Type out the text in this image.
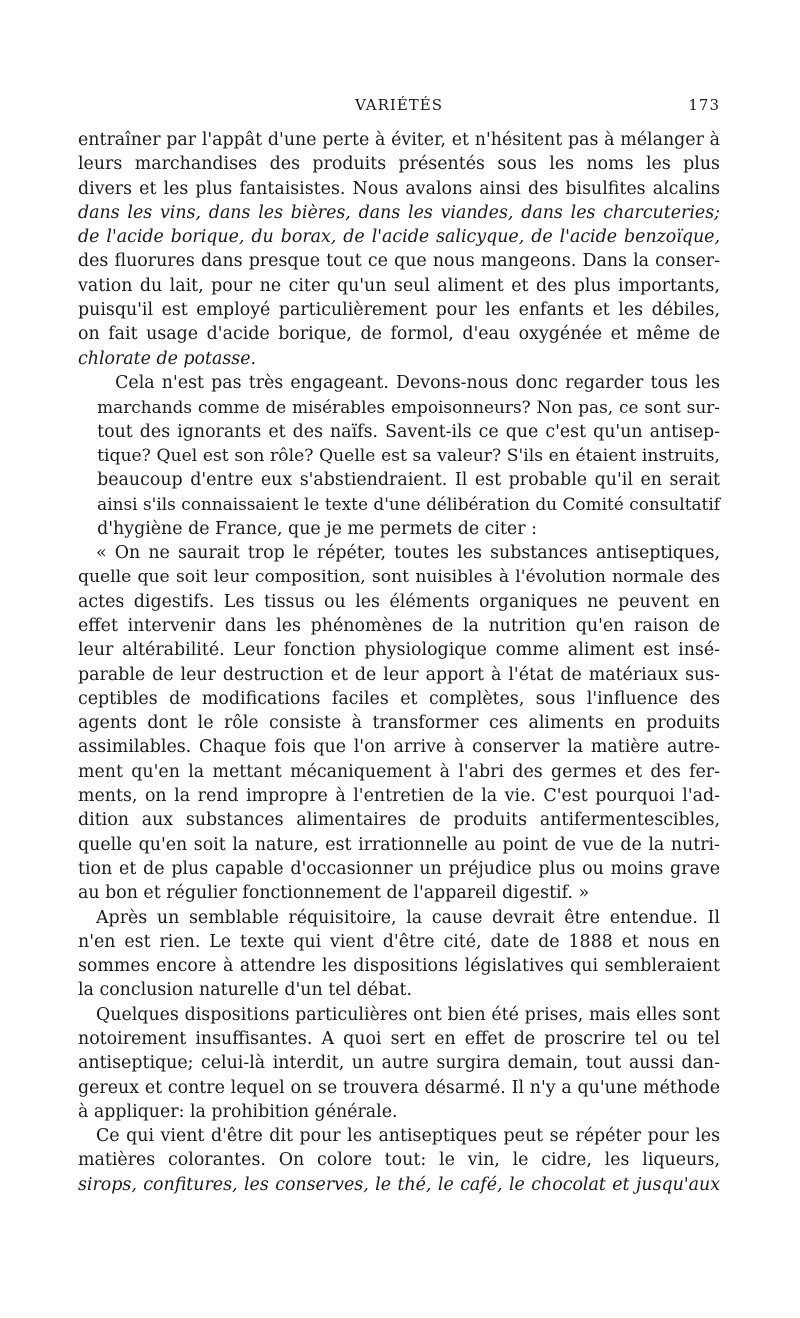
VARIÉTÉS	173

entraîner par l'appât d'une perte à éviter, et n'hésitent pas à mélanger à
leurs marchandises des produits présentés sous les noms les plus
divers et les plus fantaisistes. Nous avalons ainsi des bisulfites alcalins
dans les vins, dans les bières, dans les viandes, dans les charcuteries;
de l'acide borique, du borax, de l'acide salicyque, de l'acide benzoïque,
des fluorures dans presque tout ce que nous mangeons. Dans la conser-
vation du lait, pour ne citer qu'un seul aliment et des plus importants,
puisqu'il est employé particulièrement pour les enfants et les débiles,
on fait usage d'acide borique, de formol, d'eau oxygénée et même de
chlorate de potasse.

Cela n'est pas très engageant. Devons-nous donc regarder tous les
marchands comme de misérables empoisonneurs? Non pas, ce sont sur-
tout des ignorants et des naïfs. Savent-ils ce que c'est qu'un antisep-
tique? Quel est son rôle? Quelle est sa valeur? S'ils en étaient instruits,
beaucoup d'entre eux s'abstiendraient. Il est probable qu'il en serait
ainsi s'ils connaissaient le texte d'une délibération du Comité consultatif
d'hygiène de France, que je me permets de citer :

« On ne saurait trop le répéter, toutes les substances antiseptiques,
quelle que soit leur composition, sont nuisibles à l'évolution normale des
actes digestifs. Les tissus ou les éléments organiques ne peuvent en
effet intervenir dans les phénomènes de la nutrition qu'en raison de
leur altérabilité. Leur fonction physiologique comme aliment est insé-
parable de leur destruction et de leur apport à l'état de matériaux sus-
ceptibles de modifications faciles et complètes, sous l'influence des
agents dont le rôle consiste à transformer ces aliments en produits
assimilables. Chaque fois que l'on arrive à conserver la matière autre-
ment qu'en la mettant mécaniquement à l'abri des germes et des fer-
ments, on la rend impropre à l'entretien de la vie. C'est pourquoi l'ad-
dition aux substances alimentaires de produits antifermentescibles,
quelle qu'en soit la nature, est irrationnelle au point de vue de la nutri-
tion et de plus capable d'occasionner un préjudice plus ou moins grave
au bon et régulier fonctionnement de l'appareil digestif. »

Après un semblable réquisitoire, la cause devrait être entendue. Il
n'en est rien. Le texte qui vient d'être cité, date de 1888 et nous en
sommes encore à attendre les dispositions législatives qui sembleraient
la conclusion naturelle d'un tel débat.

Quelques dispositions particulières ont bien été prises, mais elles sont
notoirement insuffisantes. A quoi sert en effet de proscrire tel ou tel
antiseptique; celui-là interdit, un autre surgira demain, tout aussi dan-
gereux et contre lequel on se trouvera désarmé. Il n'y a qu'une méthode
à appliquer: la prohibition générale.

Ce qui vient d'être dit pour les antiseptiques peut se répéter pour les
matières colorantes. On colore tout: le vin, le cidre, les liqueurs,
sirops, confitures, les conserves, le thé, le café, le chocolat et jusqu'aux
